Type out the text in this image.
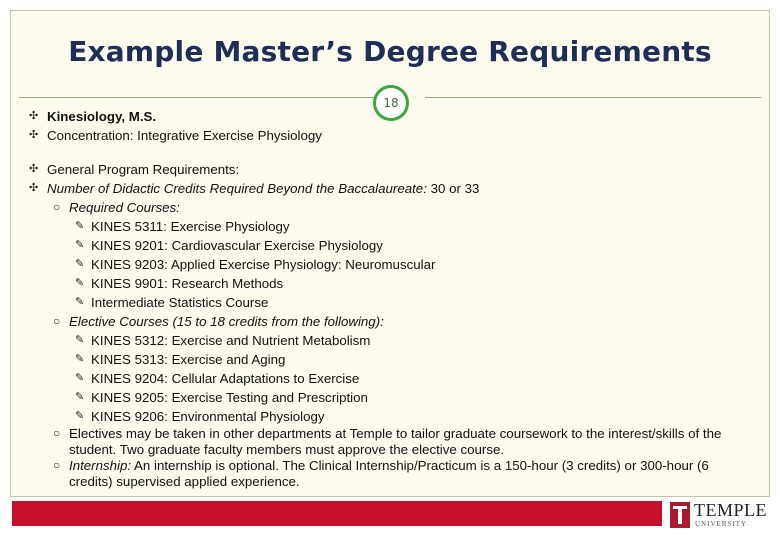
Example Master’s Degree Requirements
18
✣ Kinesiology, M.S.
✣ Concentration: Integrative Exercise Physiology
✣ General Program Requirements:
✣ Number of Didactic Credits Required Beyond the Baccalaureate: 30 or 33
○ Required Courses:
✎ KINES 5311: Exercise Physiology
✎ KINES 9201: Cardiovascular Exercise Physiology
✎ KINES 9203: Applied Exercise Physiology: Neuromuscular
✎ KINES 9901: Research Methods
✎ Intermediate Statistics Course
○ Elective Courses (15 to 18 credits from the following):
✎ KINES 5312: Exercise and Nutrient Metabolism
✎ KINES 5313: Exercise and Aging
✎ KINES 9204: Cellular Adaptations to Exercise
✎ KINES 9205: Exercise Testing and Prescription
✎ KINES 9206: Environmental Physiology
○ Electives may be taken in other departments at Temple to tailor graduate coursework to the interest/skills of the student. Two graduate faculty members must approve the elective course.
○ Internship: An internship is optional. The Clinical Internship/Practicum is a 150-hour (3 credits) or 300-hour (6 credits) supervised applied experience.
TEMPLE
UNIVERSITY
